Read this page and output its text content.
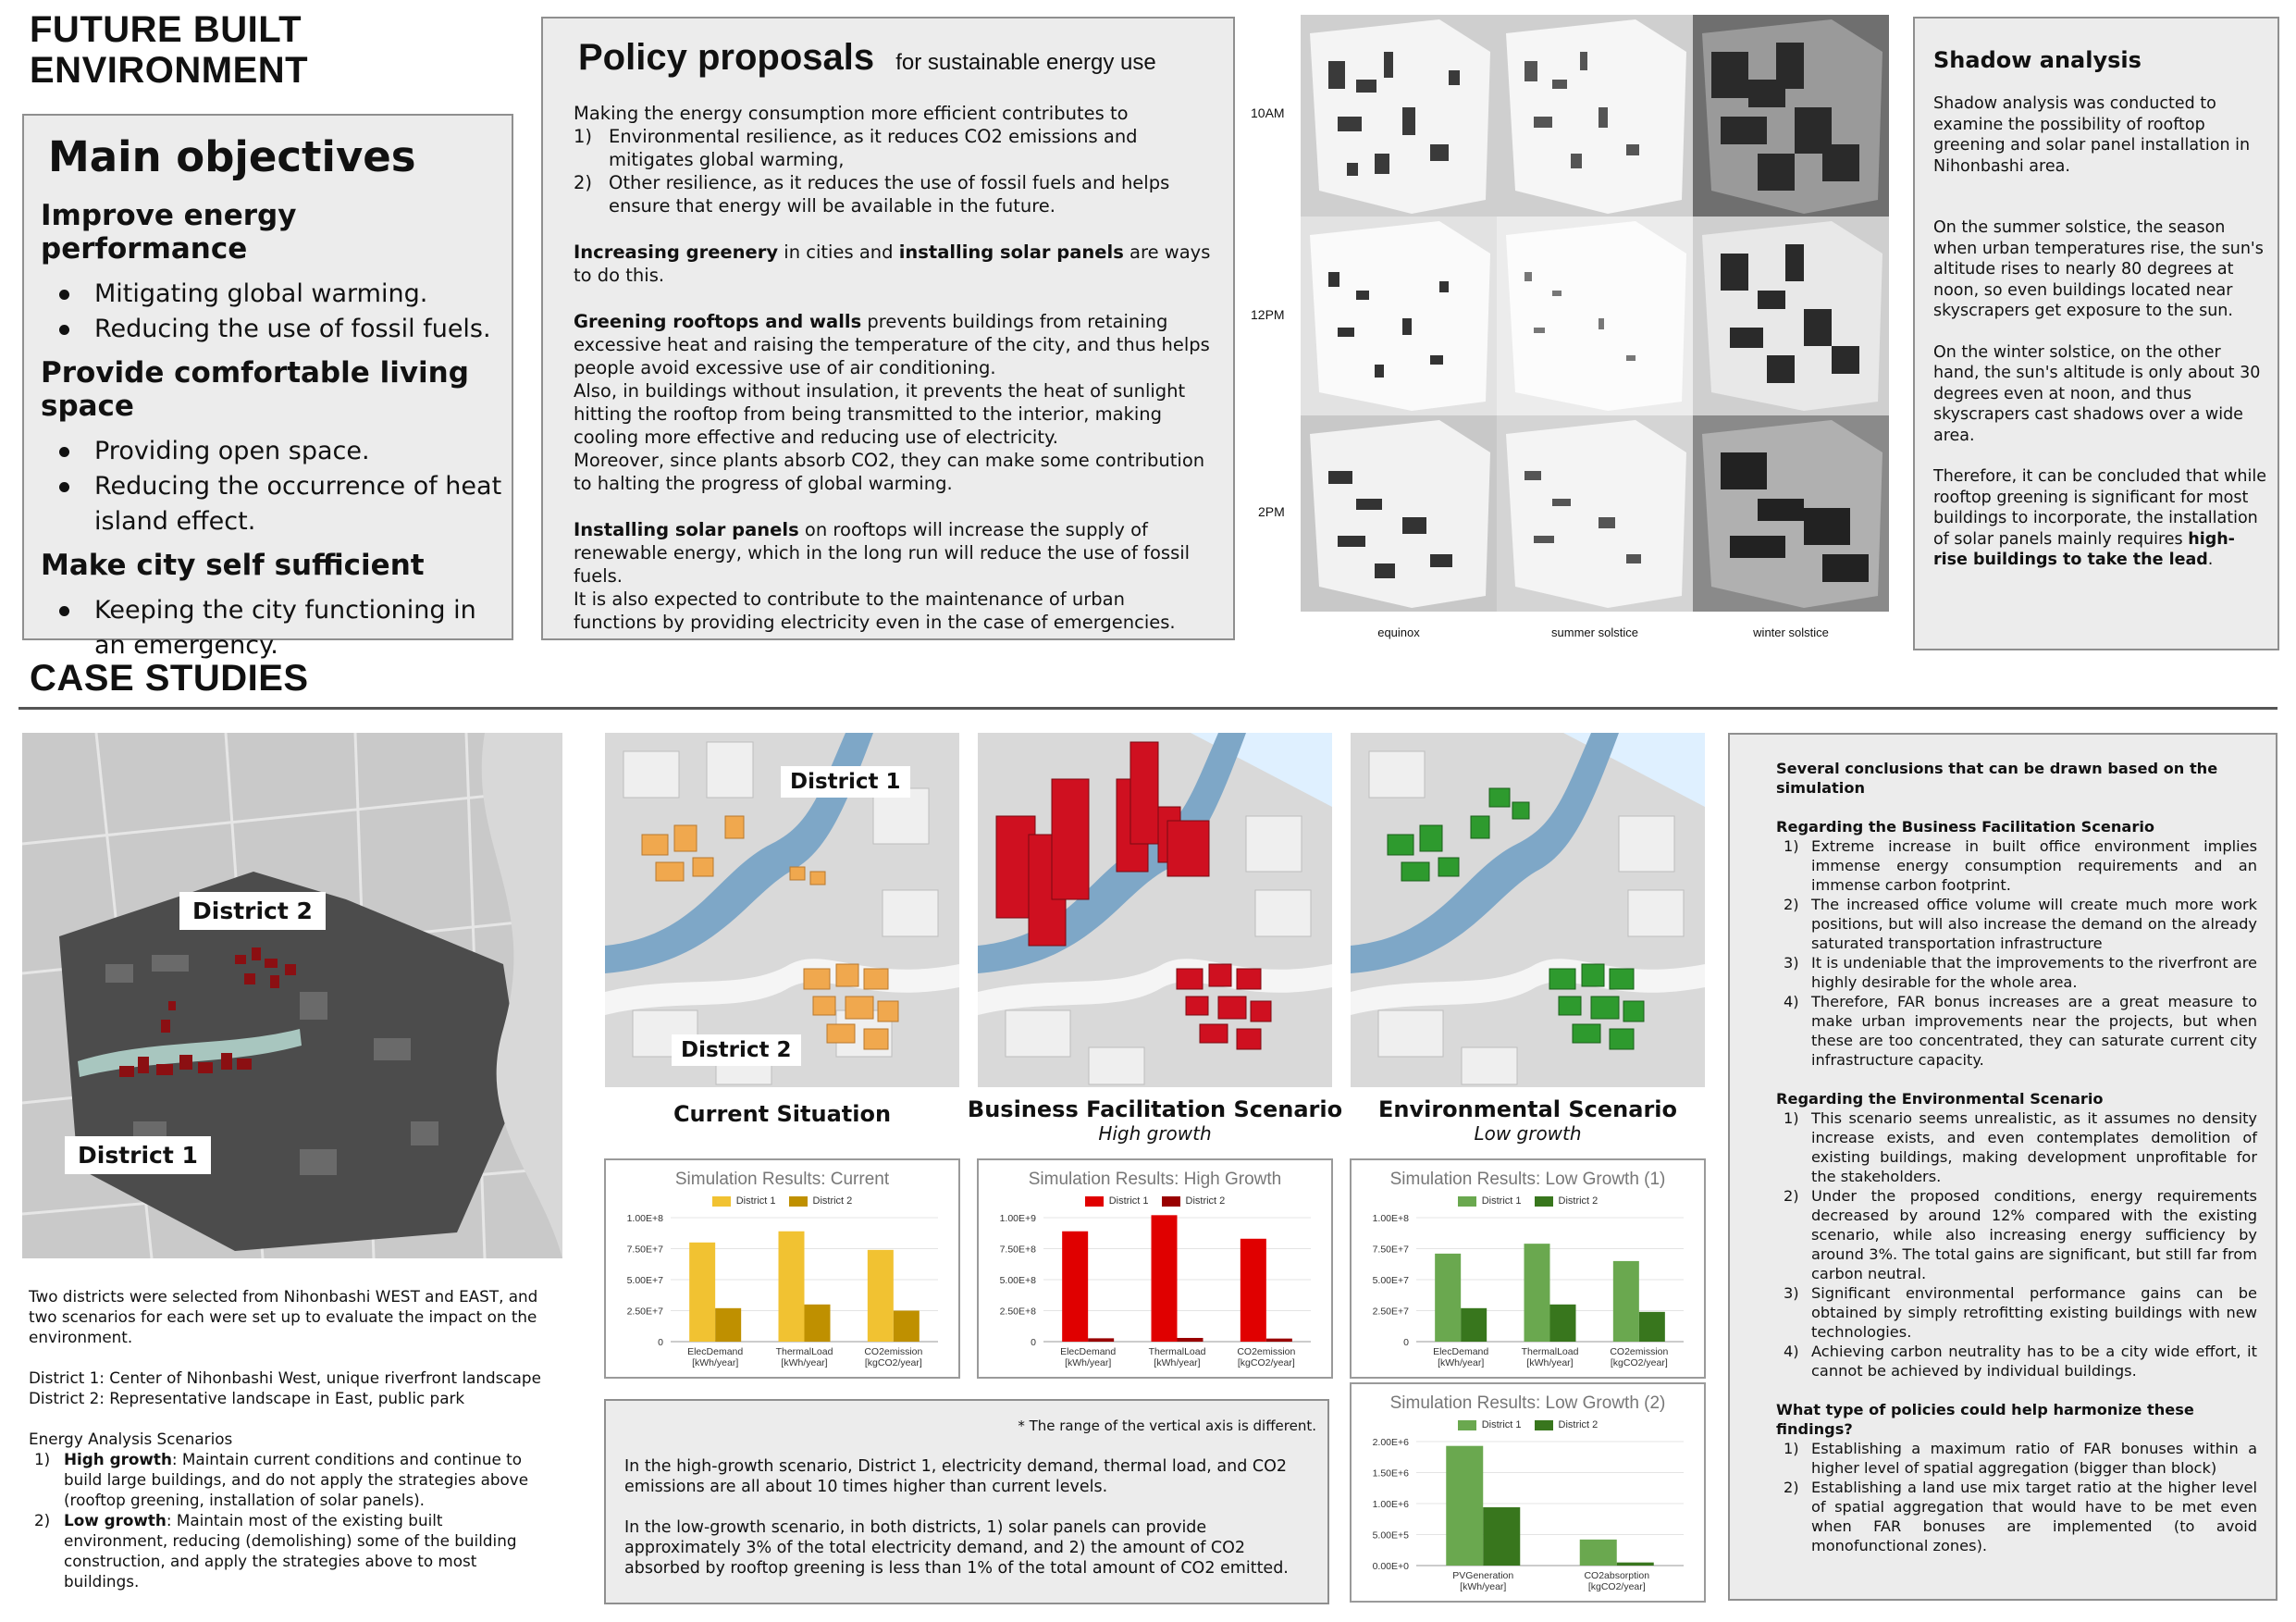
FUTURE BUILT
ENVIRONMENT
Main objectives
Improve energy performance
Mitigating global warming.
Reducing the use of fossil fuels.
Provide comfortable living space
Providing open space.
Reducing the occurrence of heat island effect.
Make city self sufficient
Keeping the city functioning in an emergency.
Policy proposals for sustainable energy use

Making the energy consumption more efficient contributes to

1) Environmental resilience, as it reduces CO2 emissions and mitigates global warming,
2) Other resilience, as it reduces the use of fossil fuels and helps ensure that energy will be available in the future.

Increasing greenery in cities and installing solar panels are ways to do this.

Greening rooftops and walls prevents buildings from retaining excessive heat and raising the temperature of the city, and thus helps people avoid excessive use of air conditioning.

Also, in buildings without insulation, it prevents the heat of sunlight hitting the rooftop from being transmitted to the interior, making cooling more effective and reducing use of electricity.

Moreover, since plants absorb CO2, they can make some contribution to halting the progress of global warming.

Installing solar panels on rooftops will increase the supply of renewable energy, which in the long run will reduce the use of fossil fuels.

It is also expected to contribute to the maintenance of urban functions by providing electricity even in the case of emergencies.

10AM
12PM
2PM
equinox	summer solstice	winter solstice
Shadow analysis

Shadow analysis was conducted to examine the possibility of rooftop greening and solar panel installation in Nihonbashi area.

On the summer solstice, the season when urban temperatures rise, the sun's altitude rises to nearly 80 degrees at noon, so even buildings located near skyscrapers get exposure to the sun.

On the winter solstice, on the other hand, the sun's altitude is only about 30 degrees even at noon, and thus skyscrapers cast shadows over a wide area.

Therefore, it can be concluded that while rooftop greening is significant for most buildings to incorporate, the installation of solar panels mainly requires high-rise buildings to take the lead.

CASE STUDIES
District 2
District 1

Two districts were selected from Nihonbashi WEST and EAST, and two scenarios for each were set up to evaluate the impact on the environment.

District 1: Center of Nihonbashi West, unique riverfront landscape

District 2: Representative landscape in East, public park

Energy Analysis Scenarios

1) High growth: Maintain current conditions and continue to build large buildings, and do not apply the strategies above (rooftop greening, installation of solar panels).
2) Low growth: Maintain most of the existing built environment, reducing (demolishing) some of the building construction, and apply the strategies above to most buildings.
District 1
District 2
Current Situation	Business Facilitation Scenario
High growth
Environmental Scenario
Low growth
Simulation Results: Current
District 1	District 2
0
2.50E+7
5.00E+7
7.50E+7
1.00E+8
ElecDemand
[kWh/year]
ThermalLoad
[kWh/year]
CO2emission
[kgCO2/year]
Simulation Results: High Growth
District 1	District 2
0
2.50E+8
5.00E+8
7.50E+8
1.00E+9
ElecDemand
[kWh/year]
ThermalLoad
[kWh/year]
CO2emission
[kgCO2/year]
Simulation Results: Low Growth (1)
District 1	District 2
0
2.50E+7
5.00E+7
7.50E+7
1.00E+8
ElecDemand
[kWh/year]
ThermalLoad
[kWh/year]
CO2emission
[kgCO2/year]
Simulation Results: Low Growth (2)
District 1	District 2
0.00E+0
5.00E+5
1.00E+6
1.50E+6
2.00E+6
PVGeneration
[kWh/year]
CO2absorption
[kgCO2/year]
* The range of the vertical axis is different.

In the high-growth scenario, District 1, electricity demand, thermal load, and CO2 emissions are all about 10 times higher than current levels.

In the low-growth scenario, in both districts, 1) solar panels can provide approximately 3% of the total electricity demand, and 2) the amount of CO2 absorbed by rooftop greening is less than 1% of the total amount of CO2 emitted.

Several conclusions that can be drawn based on the simulation
Regarding the Business Facilitation Scenario
1) Extreme increase in built office environment implies immense energy consumption requirements and an immense carbon footprint.
2) The increased office volume will create much more work positions, but will also increase the demand on the already saturated transportation infrastructure
3) It is undeniable that the improvements to the riverfront are highly desirable for the whole area.
4) Therefore, FAR bonus increases are a great measure to make urban improvements near the projects, but when these are too concentrated, they can saturate current city infrastructure capacity.
Regarding the Environmental Scenario
1) This scenario seems unrealistic, as it assumes no density increase exists, and even contemplates demolition of existing buildings, making development unprofitable for the stakeholders.
2) Under the proposed conditions, energy requirements decreased by around 12% compared with the existing scenario, while also increasing energy sufficiency by around 3%. The total gains are significant, but still far from carbon neutral.
3) Significant environmental performance gains can be obtained by simply retrofitting existing buildings with new technologies.
4) Achieving carbon neutrality has to be a city wide effort, it cannot be achieved by individual buildings.
What type of policies could help harmonize these findings?
1) Establishing a maximum ratio of FAR bonuses within a higher level of spatial aggregation (bigger than block)
2) Establishing a land use mix target ratio at the higher level of spatial aggregation that would have to be met even when FAR bonuses are implemented (to avoid monofunctional zones).
